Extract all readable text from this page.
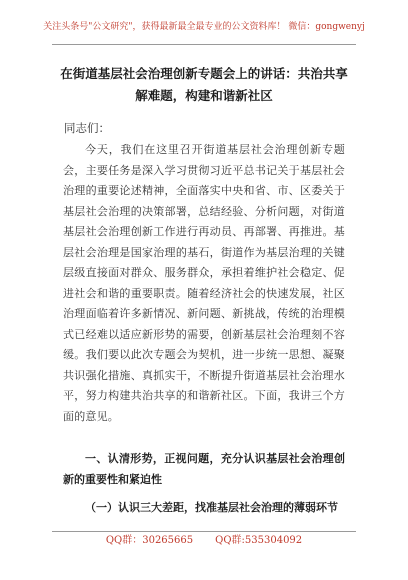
关注头条号"公文研究"，获得最新最全最专业的公文资料库！ 微信：gongwenyj
在街道基层社会治理创新专题会上的讲话：共治共享解难题，构建和谐新社区
同志们：

今天，我们在这里召开街道基层社会治理创新专题会，主要任务是深入学习贯彻习近平总书记关于基层社会治理的重要论述精神，全面落实中央和省、市、区委关于基层社会治理的决策部署，总结经验、分析问题，对街道基层社会治理创新工作进行再动员、再部署、再推进。基层社会治理是国家治理的基石，街道作为基层治理的关键层级直接面对群众、服务群众，承担着维护社会稳定、促进社会和谐的重要职责。随着经济社会的快速发展，社区治理面临着许多新情况、新问题、新挑战，传统的治理模式已经难以适应新形势的需要，创新基层社会治理刻不容缓。我们要以此次专题会为契机，进一步统一思想、凝聚共识强化措施、真抓实干，不断提升街道基层社会治理水平，努力构建共治共享的和谐新社区。下面，我讲三个方面的意见。

一、认清形势，正视问题，充分认识基层社会治理创新的重要性和紧迫性

（一）认识三大差距，找准基层社会治理的薄弱环节

QQ群：30265665 QQ群:535304092
